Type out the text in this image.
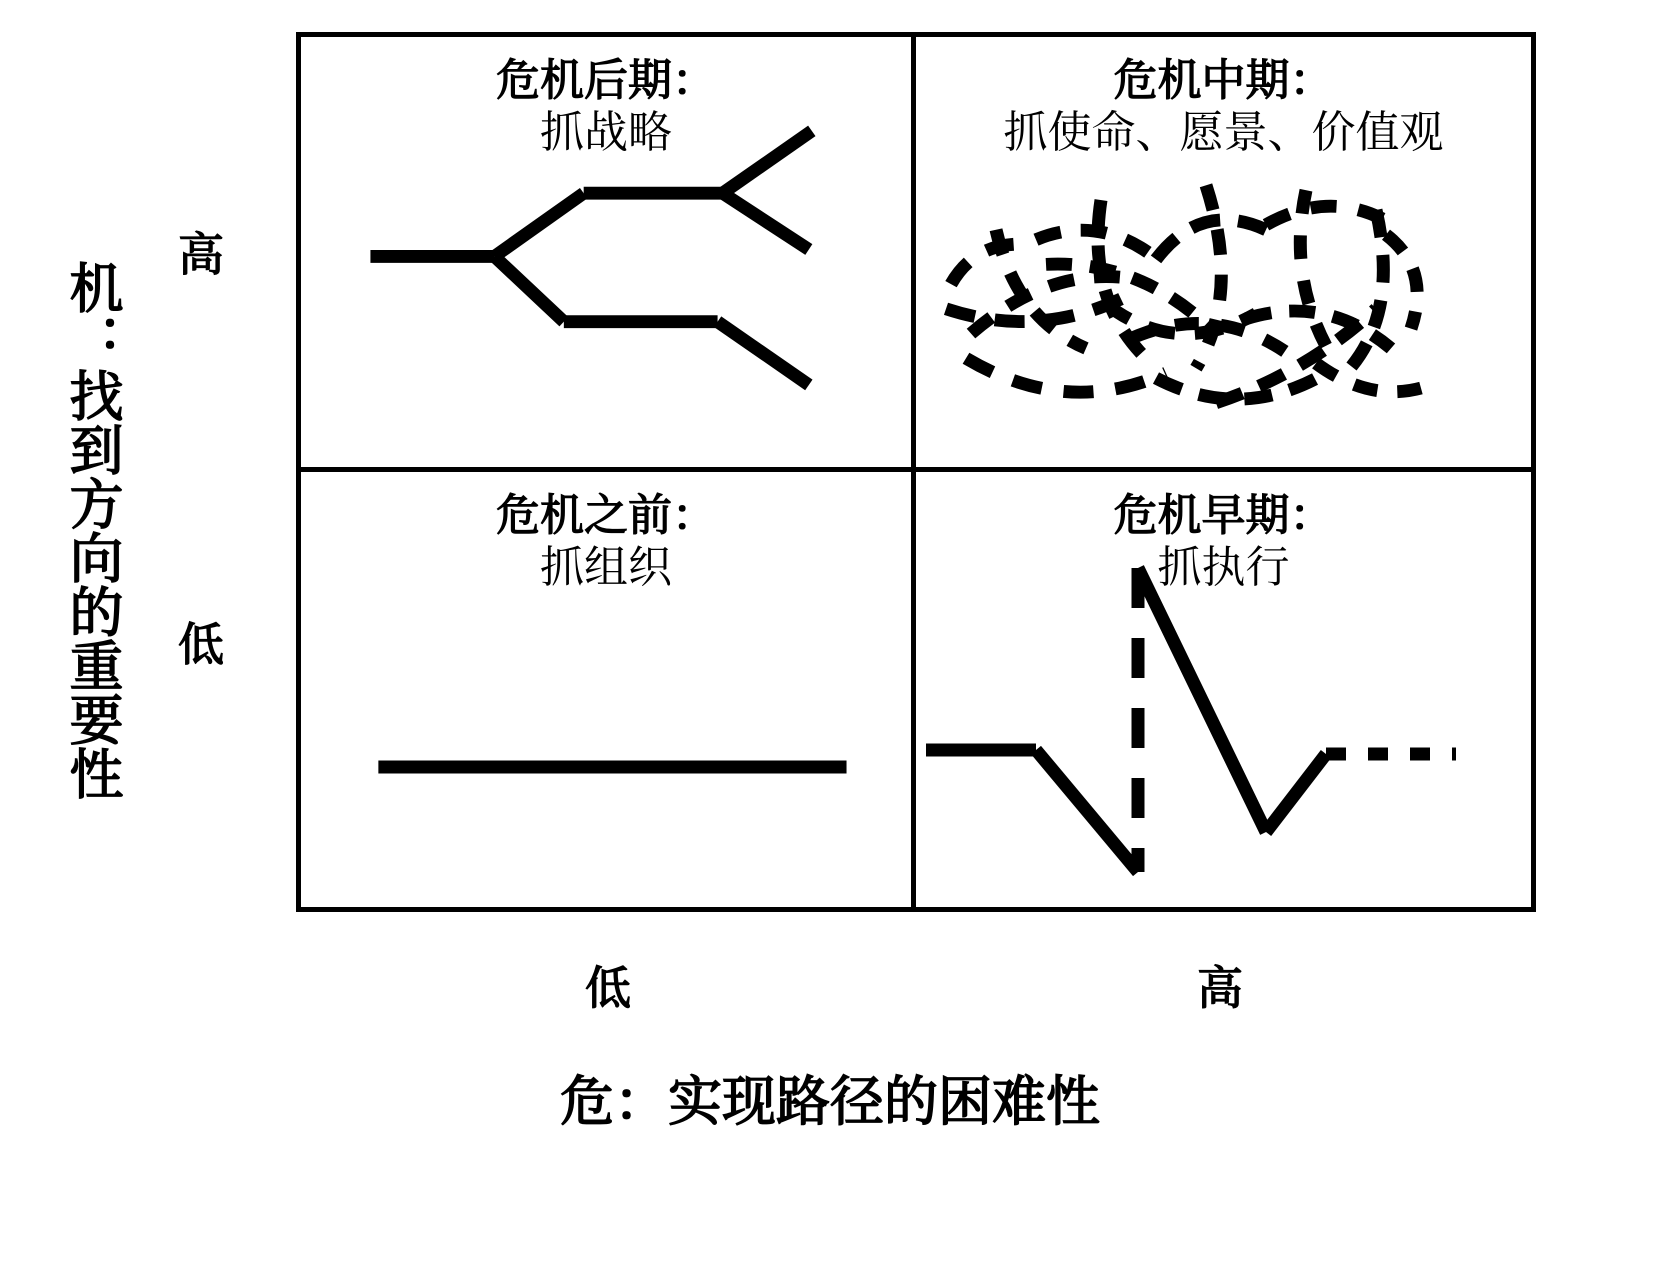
机：找到方向的重要性
高
低
危机后期：
抓战略
危机中期：
抓使命、愿景、价值观
危机之前：
抓组织
危机早期：
抓执行
低	高
危：实现路径的困难性
